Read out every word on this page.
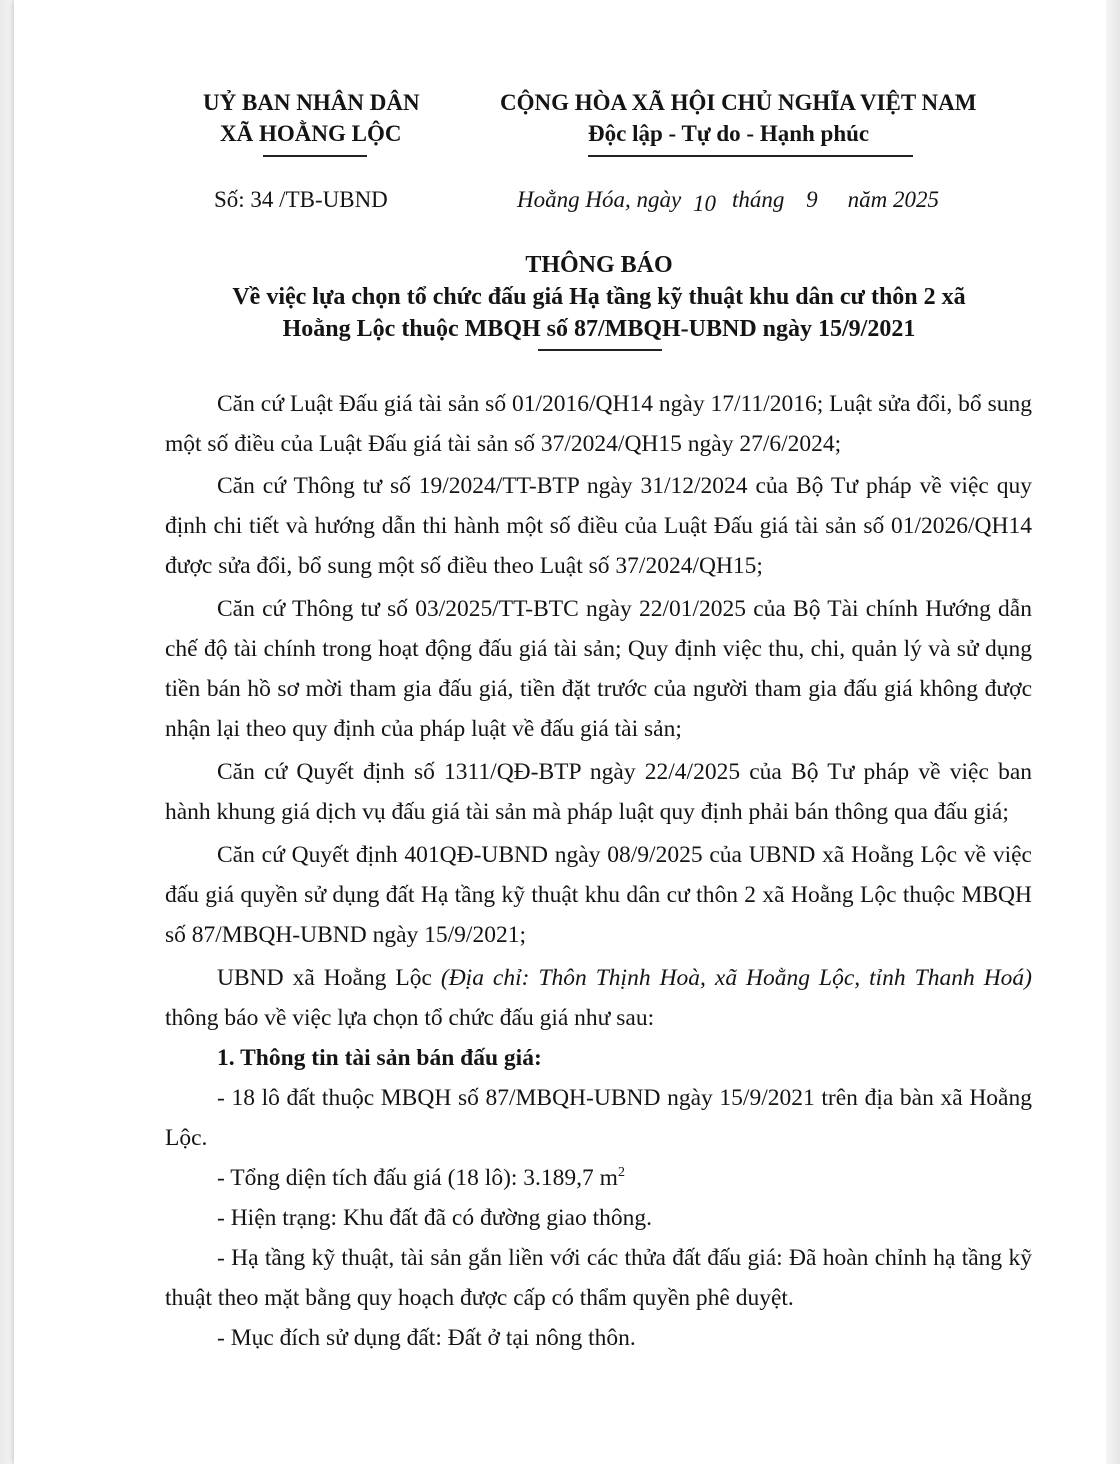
UỶ BAN NHÂN DÂN
XÃ HOẰNG LỘC
CỘNG HÒA XÃ HỘI CHỦ NGHĨA VIỆT NAM
Độc lập - Tự do - Hạnh phúc
Số: 34 /TB-UBND	Hoằng Hóa, ngày 10 tháng 9 năm 2025
THÔNG BÁO
Về việc lựa chọn tổ chức đấu giá Hạ tầng kỹ thuật khu dân cư thôn 2 xã
Hoằng Lộc thuộc MBQH số 87/MBQH-UBND ngày 15/9/2021

Căn cứ Luật Đấu giá tài sản số 01/2016/QH14 ngày 17/11/2016; Luật sửa đổi, bổ sung một số điều của Luật Đấu giá tài sản số 37/2024/QH15 ngày 27/6/2024;

Căn cứ Thông tư số 19/2024/TT-BTP ngày 31/12/2024 của Bộ Tư pháp về việc quy định chi tiết và hướng dẫn thi hành một số điều của Luật Đấu giá tài sản số 01/2026/QH14 được sửa đổi, bổ sung một số điều theo Luật số 37/2024/QH15;

Căn cứ Thông tư số 03/2025/TT-BTC ngày 22/01/2025 của Bộ Tài chính Hướng dẫn chế độ tài chính trong hoạt động đấu giá tài sản; Quy định việc thu, chi, quản lý và sử dụng tiền bán hồ sơ mời tham gia đấu giá, tiền đặt trước của người tham gia đấu giá không được nhận lại theo quy định của pháp luật về đấu giá tài sản;

Căn cứ Quyết định số 1311/QĐ-BTP ngày 22/4/2025 của Bộ Tư pháp về việc ban hành khung giá dịch vụ đấu giá tài sản mà pháp luật quy định phải bán thông qua đấu giá;

Căn cứ Quyết định 401QĐ-UBND ngày 08/9/2025 của UBND xã Hoằng Lộc về việc đấu giá quyền sử dụng đất Hạ tầng kỹ thuật khu dân cư thôn 2 xã Hoằng Lộc thuộc MBQH số 87/MBQH-UBND ngày 15/9/2021;

UBND xã Hoằng Lộc (Địa chỉ: Thôn Thịnh Hoà, xã Hoằng Lộc, tỉnh Thanh Hoá) thông báo về việc lựa chọn tổ chức đấu giá như sau:

1. Thông tin tài sản bán đấu giá:

- 18 lô đất thuộc MBQH số 87/MBQH-UBND ngày 15/9/2021 trên địa bàn xã Hoằng Lộc.

- Tổng diện tích đấu giá (18 lô): 3.189,7 $m^2$

- Hiện trạng: Khu đất đã có đường giao thông.

- Hạ tầng kỹ thuật, tài sản gắn liền với các thửa đất đấu giá: Đã hoàn chỉnh hạ tầng kỹ thuật theo mặt bằng quy hoạch được cấp có thẩm quyền phê duyệt.

- Mục đích sử dụng đất: Đất ở tại nông thôn.
